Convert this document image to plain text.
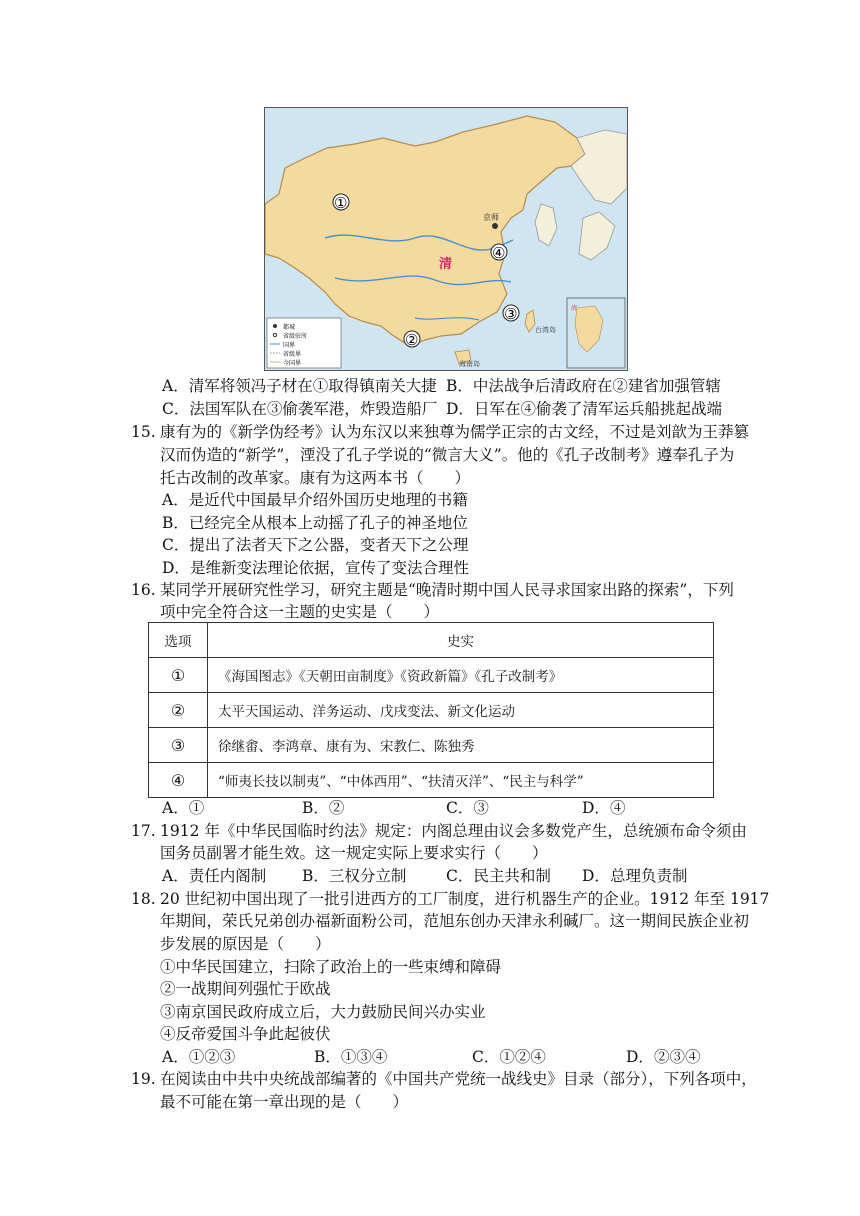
京师
①
②
③
④
清
台湾岛
海南岛
都城
省级驻所
国界
省级界
今国界
清
A．清军将领冯子材在①取得镇南关大捷 B．中法战争后清政府在②建省加强管辖
C．法国军队在③偷袭军港，炸毁造船厂 D．日军在④偷袭了清军运兵船挑起战端
15. 康有为的《新学伪经考》认为东汉以来独尊为儒学正宗的古文经，不过是刘歆为王莽篡
汉而伪造的“新学”，湮没了孔子学说的“微言大义”。他的《孔子改制考》遵奉孔子为
托古改制的改革家。康有为这两本书（　　）
A．是近代中国最早介绍外国历史地理的书籍
B．已经完全从根本上动摇了孔子的神圣地位
C．提出了法者天下之公器，变者天下之公理
D．是维新变法理论依据，宣传了变法合理性
16. 某同学开展研究性学习，研究主题是“晚清时期中国人民寻求国家出路的探索”，下列
项中完全符合这一主题的史实是（　　）
选项	史实
①	《海国图志》《天朝田亩制度》《资政新篇》《孔子改制考》
②	太平天国运动、洋务运动、戊戌变法、新文化运动
③	徐继畬、李鸿章、康有为、宋教仁、陈独秀
④	“师夷长技以制夷”、“中体西用”、“扶清灭洋”、“民主与科学”
A．①	B．②	C．③	D．④
17. 1912 年《中华民国临时约法》规定：内阁总理由议会多数党产生，总统颁布命令须由
国务员副署才能生效。这一规定实际上要求实行（　　）
A．责任内阁制 B．三权分立制	C．民主共和制 D．总理负责制
18. 20 世纪初中国出现了一批引进西方的工厂制度，进行机器生产的企业。1912 年至 1917
年期间，荣氏兄弟创办福新面粉公司，范旭东创办天津永利碱厂。这一期间民族企业初
步发展的原因是（　　）
①中华民国建立，扫除了政治上的一些束缚和障碍
②一战期间列强忙于欧战
③南京国民政府成立后，大力鼓励民间兴办实业
④反帝爱国斗争此起彼伏
A．①②③	B．①③④	C．①②④	D．②③④
19. 在阅读由中共中央统战部编著的《中国共产党统一战线史》目录（部分），下列各项中，
最不可能在第一章出现的是（　　）
